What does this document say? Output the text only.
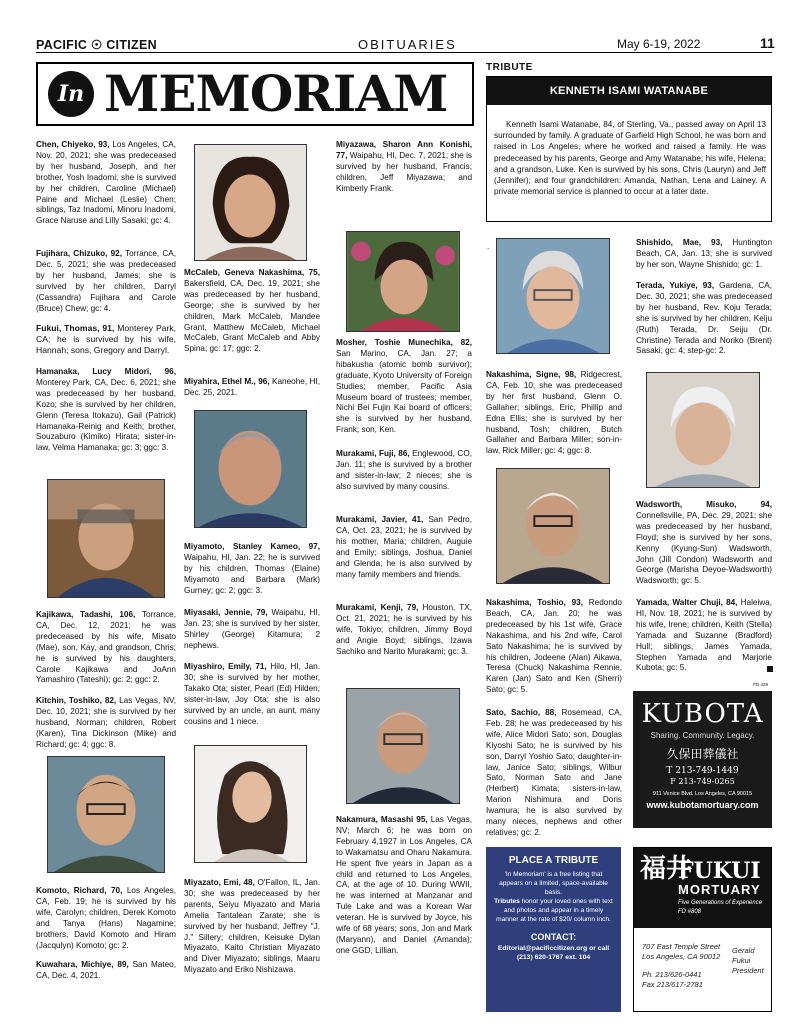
PACIFIC ☉ CITIZEN	OBITUARIES	May 6-19, 2022	11
In MEMORIAM	TRIBUTE
KENNETH ISAMI WATANABE
Kenneth Isami Watanabe, 84, of Sterling, Va., passed away on April 13 surrounded by family. A graduate of Garfield High School, he was born and raised in Los Angeles, where he worked and raised a family. He was predeceased by his parents, George and Amy Watanabe; his wife, Helena; and a grandson, Luke. Ken is survived by his sons, Chris (Lauryn) and Jeff (Jennifer); and four grandchildren: Amanda, Nathan, Lena and Lainey. A private memorial service is planned to occur at a later date.
Chen, Chiyeko, 93, Los Angeles, CA, Nov. 20, 2021; she was predeceased by her husband, Joseph, and her brother, Yosh Inadomi; she is survived by her children, Caroline (Michael) Paine and Michael (Leslie) Chen; siblings, Taz Inadomi, Minoru Inadomi, Grace Naruse and Lilly Sasaki; gc: 4.
Fujihara, Chizuko, 92, Torrance, CA, Dec. 5, 2021; she was predeceased by her husband, James; she is survived by her children, Darryl (Cassandra) Fujihara and Carole (Bruce) Chew; gc: 4.
Fukui, Thomas, 91, Monterey Park, CA; he is survived by his wife, Hannah; sons, Gregory and Darryl.
Hamanaka, Lucy Midori, 96, Monterey Park, CA, Dec. 6, 2021; she was predeceased by her husband, Kozo; she is survived by her children, Glenn (Teresa Itokazu), Gail (Patrick) Hamanaka-Reinig and Keith; brother, Souzaburo (Kimiko) Hirata; sister-in-law, Velma Hamanaka; gc: 3; ggc: 3.
Kajikawa, Tadashi, 106, Torrance, CA, Dec. 12, 2021; he was predeceased by his wife, Misato (Mae), son, Kay, and grandson, Chris; he is survived by his daughters, Carole Kajikawa and JoAnn Yamashiro (Tateshi); gc: 2; ggc: 2.
Kitchin, Toshiko, 82, Las Vegas, NV, Dec. 10, 2021; she is survived by her husband, Norman; children, Robert (Karen), Tina Dickinson (Mike) and Richard; gc: 4; ggc: 8.
Komoto, Richard, 70, Los Angeles, CA, Feb. 19; he is survived by his wife, Carolyn; children, Derek Komoto and Tanya (Hans) Nagamine; brothers, David Komoto and Hiram (Jacqulyn) Komoto; gc: 2.
Kuwahara, Michiye, 89, San Mateo, CA, Dec. 4, 2021.
McCaleb, Geneva Nakashima, 75, Bakersfield, CA, Dec. 19, 2021; she was predeceased by her husband, George; she is survived by her children, Mark McCaleb, Mandee Grant, Matthew McCaleb, Michael McCaleb, Grant McCaleb and Abby Spina; gc: 17; ggc: 2.
Miyahira, Ethel M., 96, Kaneohe, HI, Dec. 25, 2021.
Miyamoto, Stanley Kameo, 97, Waipahu, HI, Jan. 22; he is survived by his children, Thomas (Elaine) Miyamoto and Barbara (Mark) Gurney; gc: 2; ggc: 3.
Miyasaki, Jennie, 79, Waipahu, HI, Jan. 23; she is survived by her sister, Shirley (George) Kitamura; 2 nephews.
Miyashiro, Emily, 71, Hilo, HI, Jan. 30; she is survived by her mother, Takako Ota; sister, Pearl (Ed) Hilden; sister-in-law, Joy Ota; she is also survived by an uncle, an aunt, many cousins and 1 niece.
Miyazato, Emi, 48, O'Fallon, IL, Jan. 30; she was predeceased by her parents, Seiyu Miyazato and Maria Amelia Tantalean Zarate; she is survived by her husband, Jeffrey "J. J." Sillery; children, Keisuke Dylan Miyazato, Kaito Christian Miyazato and Diver Miyazato; siblings, Maaru Miyazato and Eriko Nishizawa.
Miyazawa, Sharon Ann Konishi, 77, Waipahu, HI, Dec. 7, 2021; she is survived by her husband, Francis; children, Jeff Miyazawa; and Kimberly Frank.
Mosher, Toshie Munechika, 82, San Marino, CA, Jan. 27; a hibakusha (atomic bomb survivor); graduate, Kyoto University of Foreign Studies; member, Pacific Asia Museum board of trustees; member, Nichi Bei Fujin Kai board of officers; she is survived by her husband, Frank; son, Ken.
Murakami, Fuji, 86, Englewood, CO, Jan. 11; she is survived by a brother and sister-in-law; 2 nieces; she is also survived by many cousins.
Murakami, Javier, 41, San Pedro, CA, Oct. 23, 2021; he is survived by his mother, Maria; children, Auguie and Emily; siblings, Joshua, Daniel and Glenda; he is also survived by many family members and friends.
Murakami, Kenji, 79, Houston, TX, Oct. 21, 2021; he is survived by his wife, Tokiyo; children, Jimmy Boyd and Angie Boyd; siblings, Izawa Sachiko and Narito Murakami; gc: 3.
Nakamura, Masashi 95, Las Vegas, NV; March 6; he was born on February 4,1927 in Los Angeles, CA to Wakamatsu and Oharu Nakamura. He spent five years in Japan as a child and returned to Los Angeles, CA, at the age of 10. During WWII, he was interned at Manzanar and Tule Lake and was a Korean War veteran. He is survived by Joyce, his wife of 68 years; sons, Jon and Mark (Maryann), and Daniel (Amanda); one GGD, Lillian.
.
Nakashima, Signe, 98, Ridgecrest, CA, Feb. 10; she was predeceased by her first husband, Glenn O. Gallaher; siblings, Eric, Phillip and Edna Ellis; she is survived by her husband, Tosh; children, Butch Gallaher and Barbara Miller; son-in-law, Rick Miller; gc: 4; ggc: 8.
Nakashima, Toshio, 93, Redondo Beach, CA, Jan. 20; he was predeceased by his 1st wife, Grace Nakashima, and his 2nd wife, Carol Sato Nakashima; he is survived by his children, Jodeene (Alan) Aikawa, Teresa (Chuck) Nakashima Rennie, Karen (Jan) Sato and Ken (Sherri) Sato; gc: 5.
Sato, Sachio, 88, Rosemead, CA, Feb. 28; he was predeceased by his wife, Alice Midori Sato; son, Douglas Kiyoshi Sato; he is survived by his son, Darryl Yoshio Sato; daughter-in-law, Janice Sato; siblings, Wilbur Sato, Norman Sato and Jane (Herbert) Kimata; sisters-in-law, Marion Nishimura and Doris Iwamura; he is also survived by many nieces, nephews and other relatives; gc: 2.
Shishido, Mae, 93, Huntington Beach, CA, Jan. 13; she is survived by her son, Wayne Shishido; gc: 1.
Terada, Yukiye, 93, Gardena, CA, Dec. 30, 2021; she was predeceased by her husband, Rev. Koju Terada; she is survived by her children, Keiju (Ruth) Terada, Dr. Seiju (Dr. Christine) Terada and Noriko (Brent) Sasaki; gc: 4; step-gc: 2.
Wadsworth, Misuko, 94, Connellsville, PA, Dec. 29, 2021; she was predeceased by her husband, Floyd; she is survived by her sons, Kenny (Kyung-Sun) Wadsworth, John (Jill Condon) Wadsworth and George (Marisha Deyoe-Wadsworth) Wadsworth; gc: 5.
Yamada, Walter Chuji, 84, Haleiwa, HI, Nov. 18, 2021; he is survived by his wife, Irene; children, Keith (Stella) Yamada and Suzanne (Bradford) Hull; siblings, James Yamada, Stephen Yamada and Marjorie Kubota; gc: 5.
FD 429
KUBOTA
Sharing. Community. Legacy.
久保田葬儀社
T 213-749-1449
F 213-749-0265
911 Venice Blvd. Los Angeles, CA 90015
www.kubotamortuary.com
PLACE A TRIBUTE
'In Memoriam' is a free listing that appears on a limited, space-available basis.
Tributes honor your loved ones with text and photos and appear in a timely manner at the rate of $20/ column inch.
CONTACT:
Editorial@pacificcitizen.org or call (213) 620-1767 ext. 104
福井
FUKUI
MORTUARY
Five Generations of Experience
FD #808
707 East Temple Street
Los Angeles, CA 90012
Ph. 213/626-0441
Fax 213/617-2781
Gerald
Fukui
President
